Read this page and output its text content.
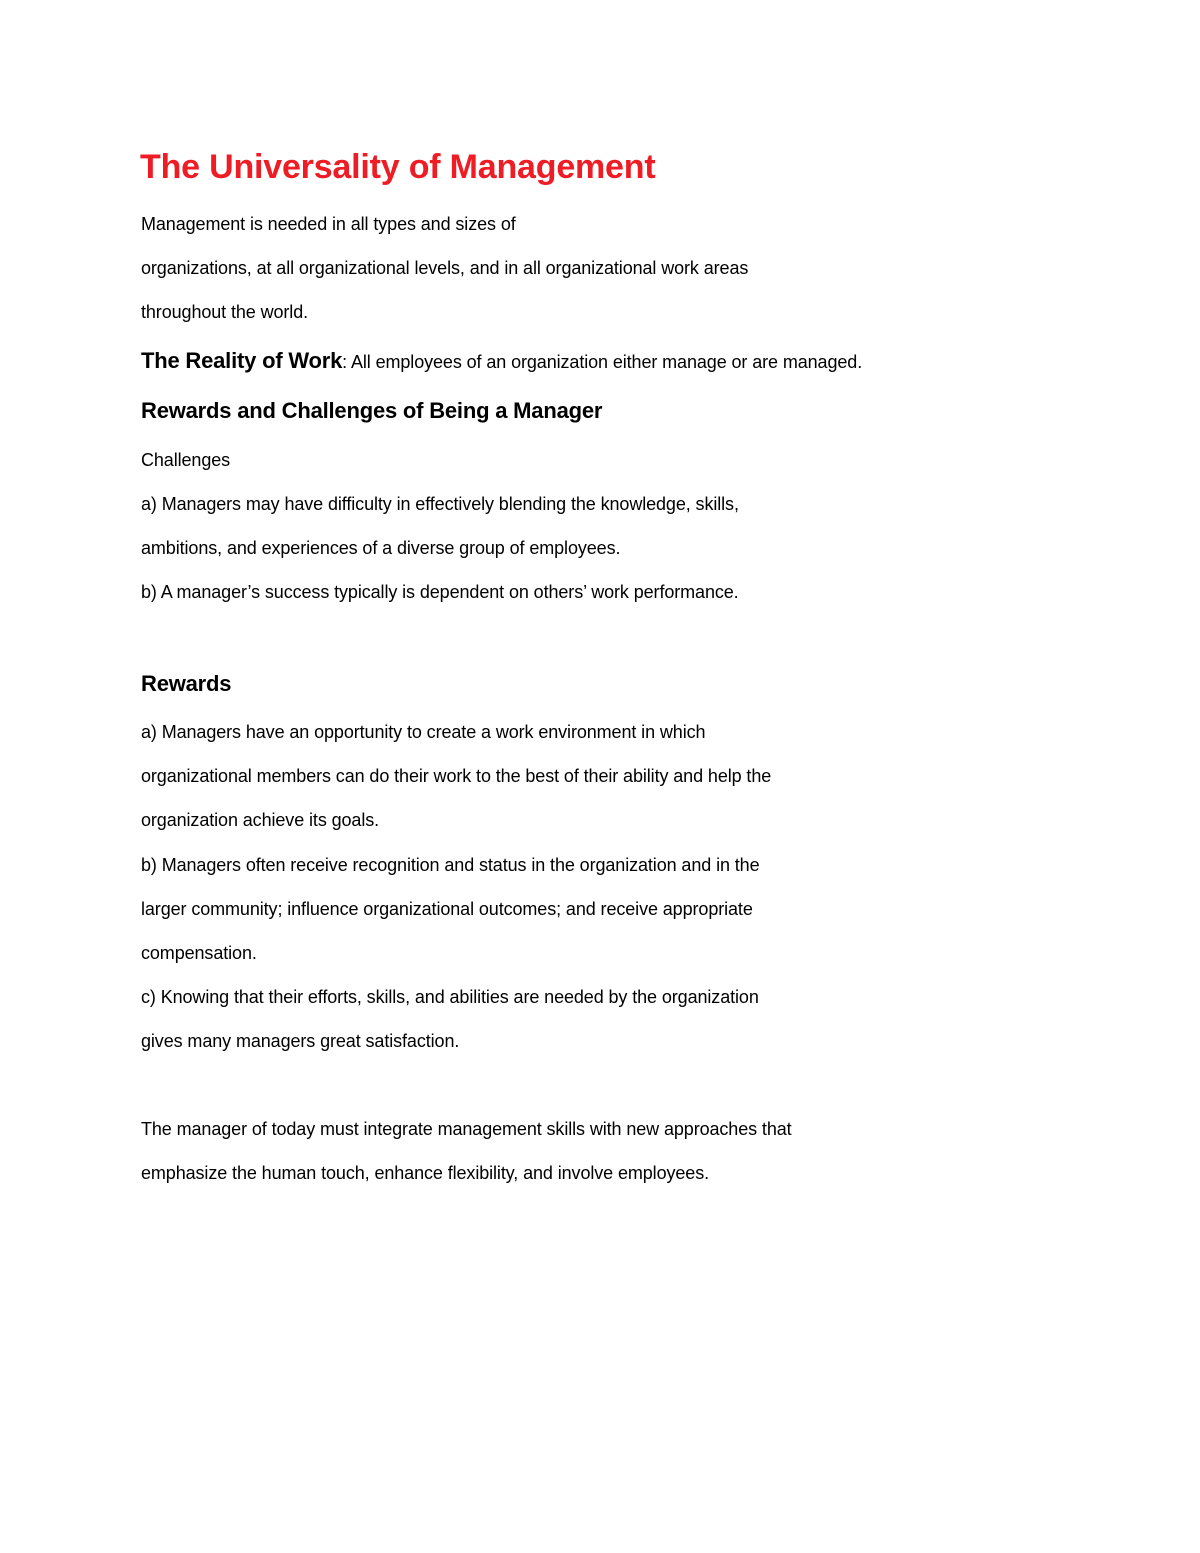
The Universality of Management
Management is needed in all types and sizes of
organizations, at all organizational levels, and in all organizational work areas
throughout the world.
The Reality of Work: All employees of an organization either manage or are managed.
Rewards and Challenges of Being a Manager
Challenges
a) Managers may have difficulty in effectively blending the knowledge, skills,
ambitions, and experiences of a diverse group of employees.
b) A manager’s success typically is dependent on others’ work performance.
Rewards
a) Managers have an opportunity to create a work environment in which
organizational members can do their work to the best of their ability and help the
organization achieve its goals.
b) Managers often receive recognition and status in the organization and in the
larger community; influence organizational outcomes; and receive appropriate
compensation.
c) Knowing that their efforts, skills, and abilities are needed by the organization
gives many managers great satisfaction.
The manager of today must integrate management skills with new approaches that
emphasize the human touch, enhance flexibility, and involve employees.
